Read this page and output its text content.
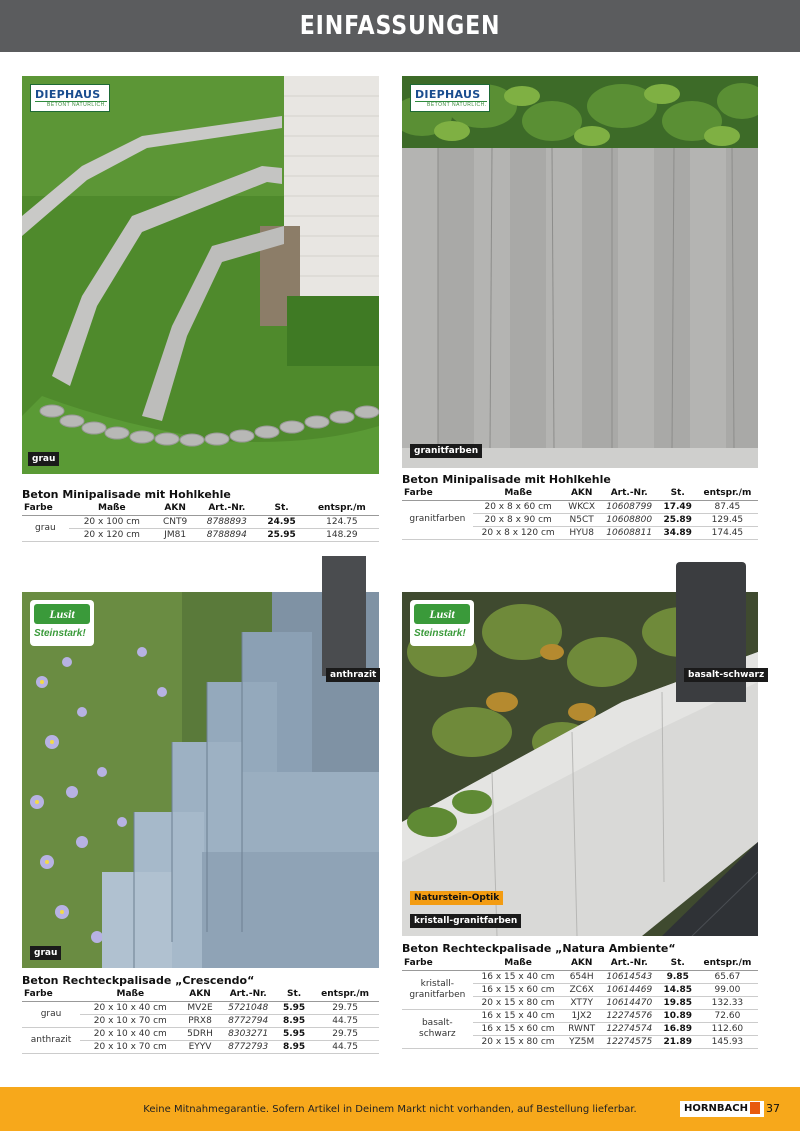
EINFASSUNGEN
DIEPHAUS
BETONT NATÜRLICH.
grau
DIEPHAUS
BETONT NATÜRLICH.
granitfarben
Beton Minipalisade mit Hohlkehle
Farbe	Maße	AKN	Art.-Nr.	St.	entspr./m
grau	20 x 100 cm	CNT9	8788893	24.95	124.75
	20 x 120 cm	JM81	8788894	25.95	148.29
Beton Minipalisade mit Hohlkehle
Farbe	Maße	AKN	Art.-Nr.	St.	entspr./m
granitfarben	20 x 8 x 60 cm	WKCX	10608799	17.49	87.45
	20 x 8 x 90 cm	N5CT	10608800	25.89	129.45
	20 x 8 x 120 cm	HYU8	10608811	34.89	174.45
Lusit
Steinstark!
grau
anthrazit
Lusit
Steinstark!
Naturstein-Optik
kristall-granitfarben
basalt-schwarz
Beton Rechteckpalisade „Crescendo“
Farbe	Maße	AKN	Art.-Nr.	St.	entspr./m
grau	20 x 10 x 40 cm	MV2E	5721048	5.95	29.75
	20 x 10 x 70 cm	PRX8	8772794	8.95	44.75
anthrazit	20 x 10 x 40 cm	5DRH	8303271	5.95	29.75
	20 x 10 x 70 cm	EYYV	8772793	8.95	44.75
Beton Rechteckpalisade „Natura Ambiente“
Farbe	Maße	AKN	Art.-Nr.	St.	entspr./m
kristall-
granitfarben	16 x 15 x 40 cm	654H	10614543	9.85	65.67
	16 x 15 x 60 cm	ZC6X	10614469	14.85	99.00
	20 x 15 x 80 cm	XT7Y	10614470	19.85	132.33
basalt-
schwarz	16 x 15 x 40 cm	1JX2	12274576	10.89	72.60
	16 x 15 x 60 cm	RWNT	12274574	16.89	112.60
	20 x 15 x 80 cm	YZ5M	12274575	21.89	145.93
Keine Mitnahmegarantie. Sofern Artikel in Deinem Markt nicht vorhanden, auf Bestellung lieferbar.	HORNBACH	37
